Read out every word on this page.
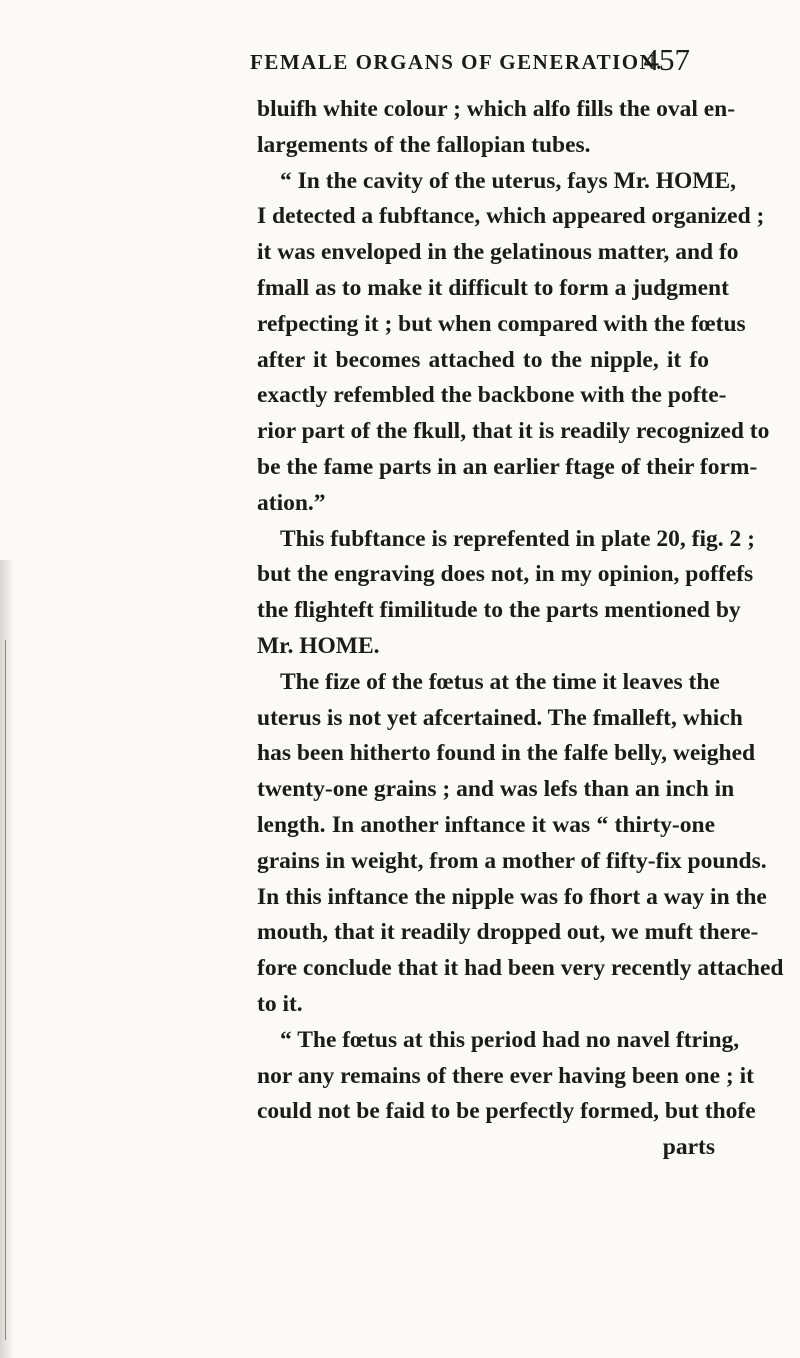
FEMALE ORGANS OF GENERATION.
457
bluifh white colour ; which alfo fills the oval en-
largements of the fallopian tubes.
“ In the cavity of the uterus, fays Mr. HOME,
I detected a fubftance, which appeared organized ;
it was enveloped in the gelatinous matter, and fo
fmall as to make it difficult to form a judgment
refpecting it ; but when compared with the fœtus
after it becomes attached to the nipple, it fo
exactly refembled the backbone with the pofte-
rior part of the fkull, that it is readily recognized to
be the fame parts in an earlier ftage of their form-
ation.”
This fubftance is reprefented in plate 20, fig. 2 ;
but the engraving does not, in my opinion, poffefs
the flighteft fimilitude to the parts mentioned by
Mr. HOME.
The fize of the fœtus at the time it leaves the
uterus is not yet afcertained. The fmalleft, which
has been hitherto found in the falfe belly, weighed
twenty-one grains ; and was lefs than an inch in
length. In another inftance it was “ thirty-one
grains in weight, from a mother of fifty-fix pounds.
In this inftance the nipple was fo fhort a way in the
mouth, that it readily dropped out, we muft there-
fore conclude that it had been very recently attached
to it.
“ The fœtus at this period had no navel ftring,
nor any remains of there ever having been one ; it
could not be faid to be perfectly formed, but thofe
parts
